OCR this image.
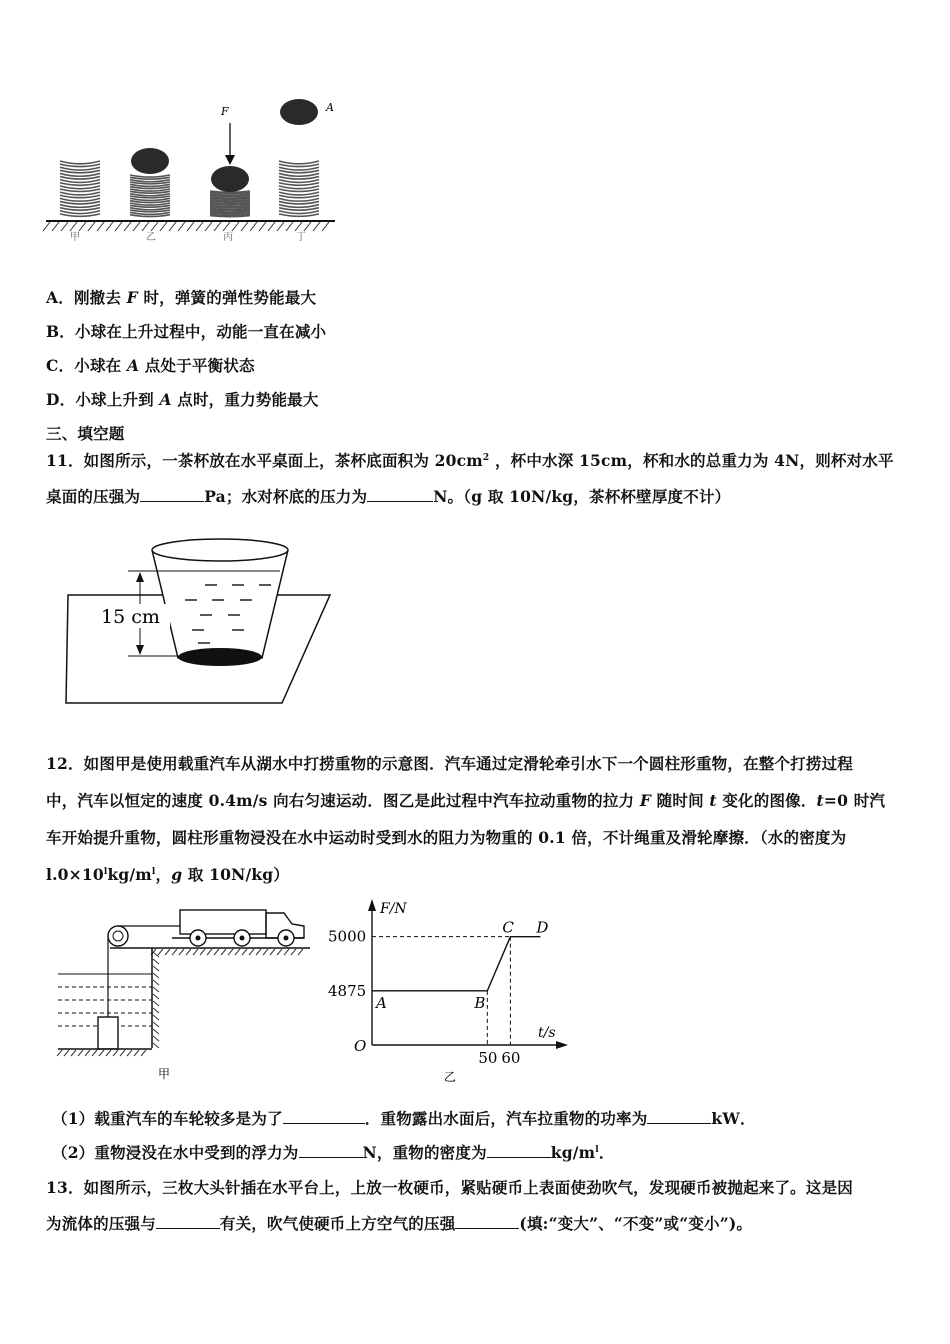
F	A
甲	乙	丙	丁
A．刚撤去 F 时，弹簧的弹性势能最大
B．小球在上升过程中，动能一直在减小
C．小球在 A 点处于平衡状态
D．小球上升到 A 点时，重力势能最大
三、填空题
11．如图所示，一茶杯放在水平桌面上，茶杯底面积为 $20cm^2$ ，杯中水深 15cm，杯和水的总重力为 4N，则杯对水平
桌面的压强为	Pa；水对杯底的压力为	N。（g 取 10N/kg，茶杯杯壁厚度不计）
15 cm
12．如图甲是使用载重汽车从湖水中打捞重物的示意图．汽车通过定滑轮牵引水下一个圆柱形重物，在整个打捞过程
中，汽车以恒定的速度 0.4m/s 向右匀速运动．图乙是此过程中汽车拉动重物的拉力 F 随时间 t 变化的图像．t=0 时汽
车开始提升重物，圆柱形重物浸没在水中运动时受到水的阻力为物重的 0.1 倍，不计绳重及滑轮摩擦．（水的密度为
$l.0\times 10^lkg/m^l$，g 取 10N/kg）
甲
F/N
t/s
O
50 60
4875
5000
A	B
C D
乙
（1）载重汽车的车轮较多是为了	．重物露出水面后，汽车拉重物的功率为	kW．
（2）重物浸没在水中受到的浮力为	N，重物的密度为	$kg/m^l$．
13．如图所示，三枚大头针插在水平台上，上放一枚硬币，紧贴硬币上表面使劲吹气，发现硬币被抛起来了。这是因
为流体的压强与	有关，吹气使硬币上方空气的压强	(填:“变大”、“不变”或“变小”)。
